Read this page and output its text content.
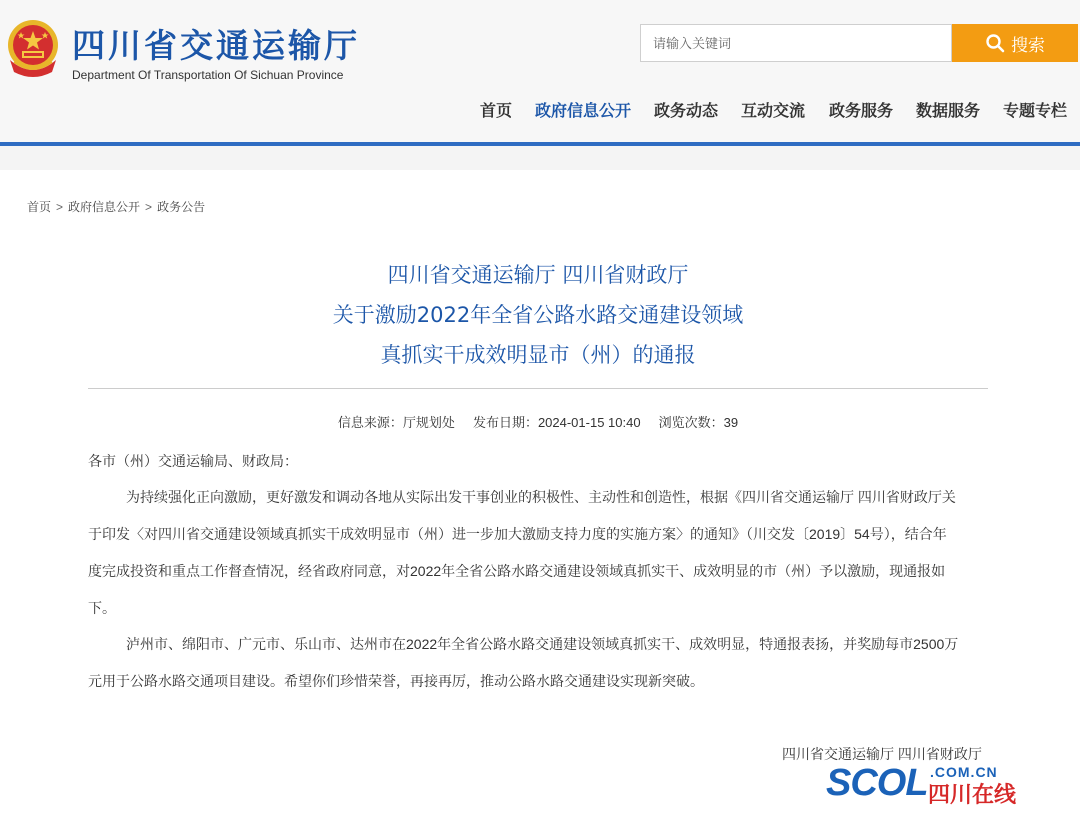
四川省交通运输厅
Department Of Transportation Of Sichuan Province
请输入关键词
搜索
首页 政府信息公开 政务动态 互动交流 政务服务 数据服务 专题专栏
首页 > 政府信息公开 > 政务公告
四川省交通运输厅 四川省财政厅
关于激励2022年全省公路水路交通建设领域
真抓实干成效明显市（州）的通报
信息来源：厅规划处 发布日期：2024-01-15 10:40 浏览次数：39
各市（州）交通运输局、财政局：
为持续强化正向激励，更好激发和调动各地从实际出发干事创业的积极性、主动性和创造性，根据《四川省交通运输厅 四川省财政厅关
于印发〈对四川省交通建设领域真抓实干成效明显市（州）进一步加大激励支持力度的实施方案〉的通知》（川交发〔2019〕54号），结合年
度完成投资和重点工作督查情况，经省政府同意，对2022年全省公路水路交通建设领域真抓实干、成效明显的市（州）予以激励，现通报如
下。
泸州市、绵阳市、广元市、乐山市、达州市在2022年全省公路水路交通建设领域真抓实干、成效明显，特通报表扬，并奖励每市2500万
元用于公路水路交通项目建设。希望你们珍惜荣誉，再接再厉，推动公路水路交通建设实现新突破。
四川省交通运输厅 四川省财政厅
SCOL .COM.CN
四川在线
